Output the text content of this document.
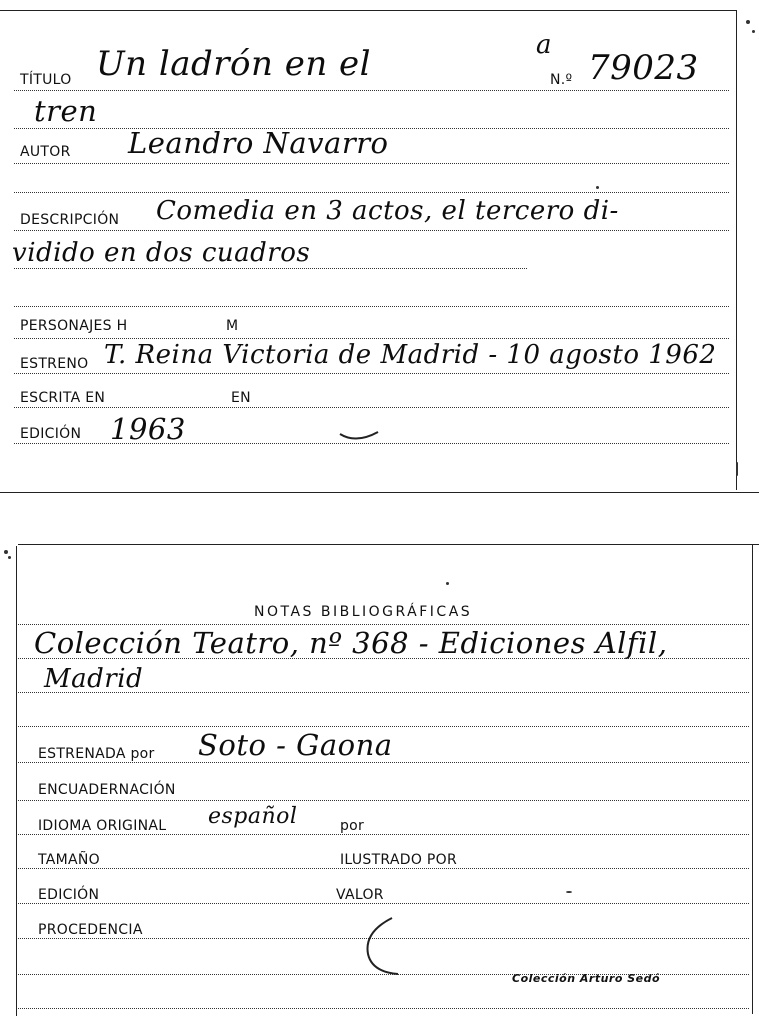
TÍTULO Un ladrón en el	a
N.º 79023
tren
AUTOR Leandro Navarro
DESCRIPCIÓN Comedia en 3 actos, el tercero di-
vidido en dos cuadros
PERSONAJES H	M
ESTRENO T. Reina Victoria de Madrid - 10 agosto 1962
ESCRITA EN	EN
EDICIÓN 1963
NOTAS BIBLIOGRÁFICAS
Colección Teatro, nº 368 - Ediciones Alfil,
Madrid
ESTRENADA por Soto - Gaona
ENCUADERNACIÓN
IDIOMA ORIGINAL español	por
TAMAÑO	ILUSTRADO POR
EDICIÓN	VALOR
PROCEDENCIA
Colección Arturo Sedó
